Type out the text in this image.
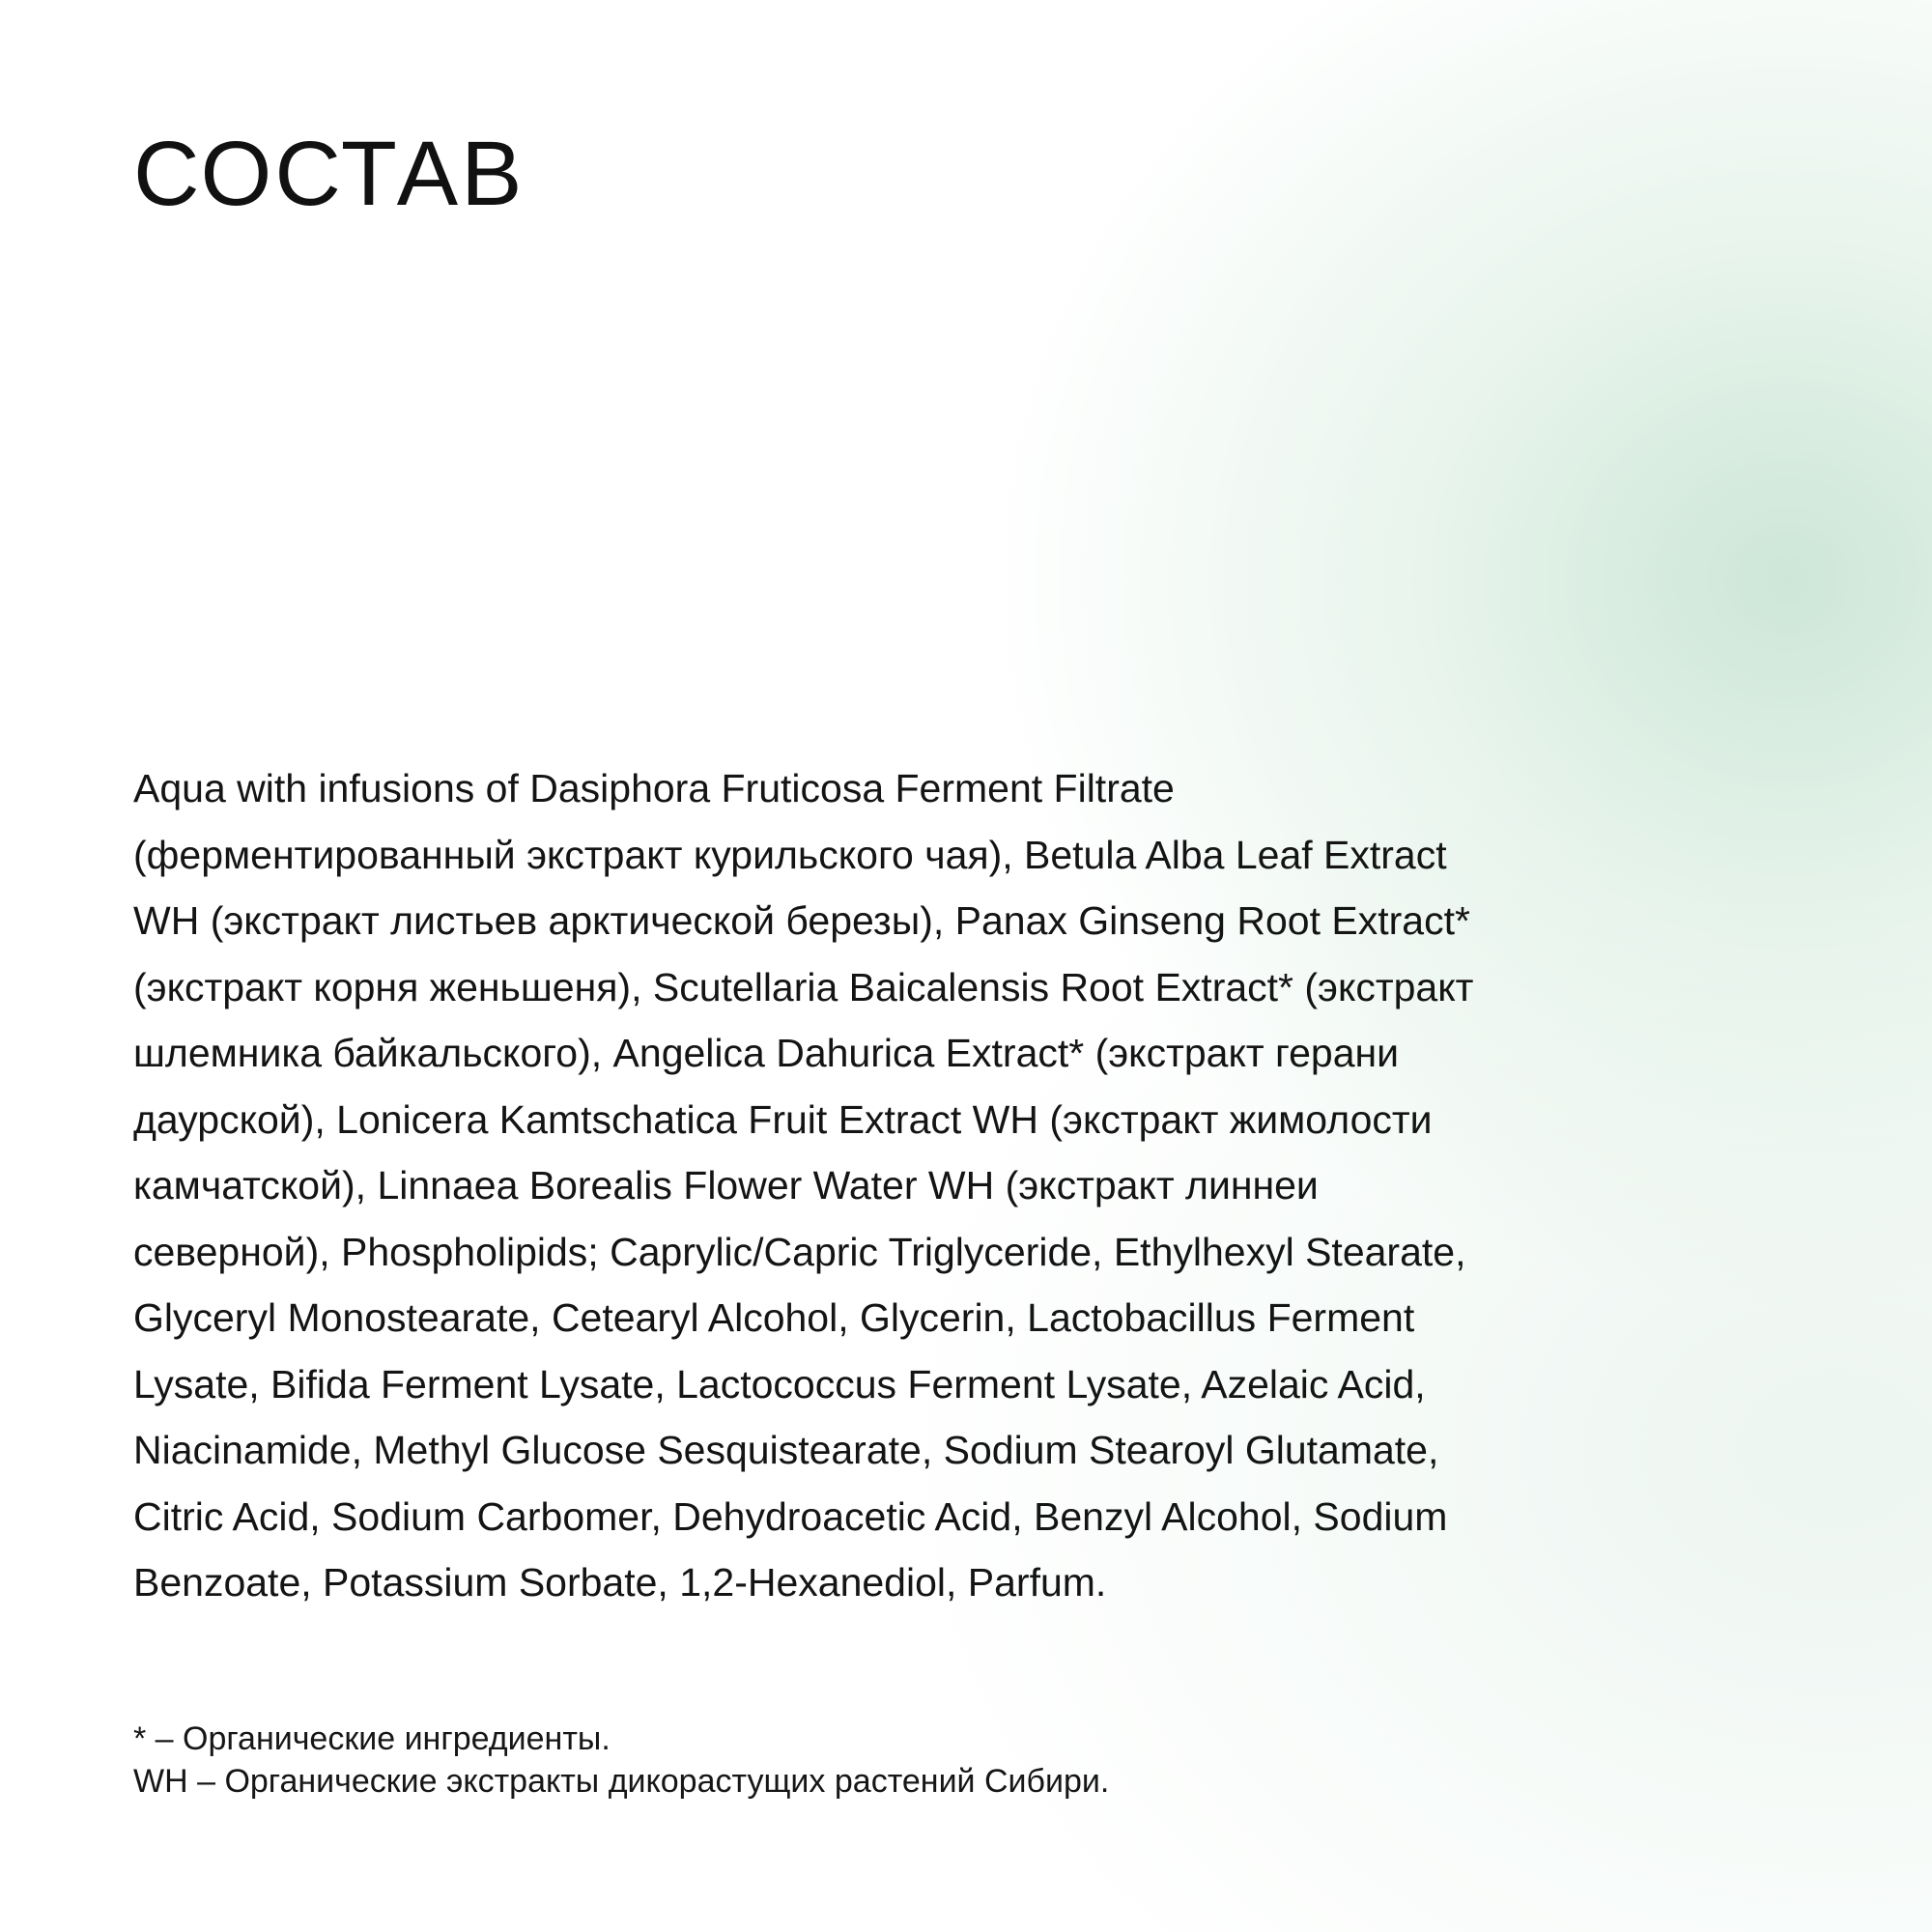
СОСТАВ

Aqua with infusions of Dasiphora Fruticosa Ferment Filtrate
(ферментированный экстракт курильского чая), Betula Alba Leaf Extract
WH (экстракт листьев арктической березы), Panax Ginseng Root Extract*
(экстракт корня женьшеня), Scutellaria Baicalensis Root Extract* (экстракт
шлемника байкальского), Angelica Dahurica Extract* (экстракт герани
даурской), Lonicera Kamtschatica Fruit Extract WH (экстракт жимолости
камчатской), Linnaea Borealis Flower Water WH (экстракт линнеи
северной), Phospholipids; Caprylic/Capric Triglyceride, Ethylhexyl Stearate,
Glyceryl Monostearate, Cetearyl Alcohol, Glycerin, Lactobacillus Ferment
Lysate, Bifida Ferment Lysate, Lactococcus Ferment Lysate, Azelaic Acid,
Niacinamide, Methyl Glucose Sesquistearate, Sodium Stearoyl Glutamate,
Citric Acid, Sodium Carbomer, Dehydroacetic Acid, Benzyl Alcohol, Sodium
Benzoate, Potassium Sorbate, 1,2-Hexanediol, Parfum.

* – Органические ингредиенты.
WH – Органические экстракты дикорастущих растений Сибири.
